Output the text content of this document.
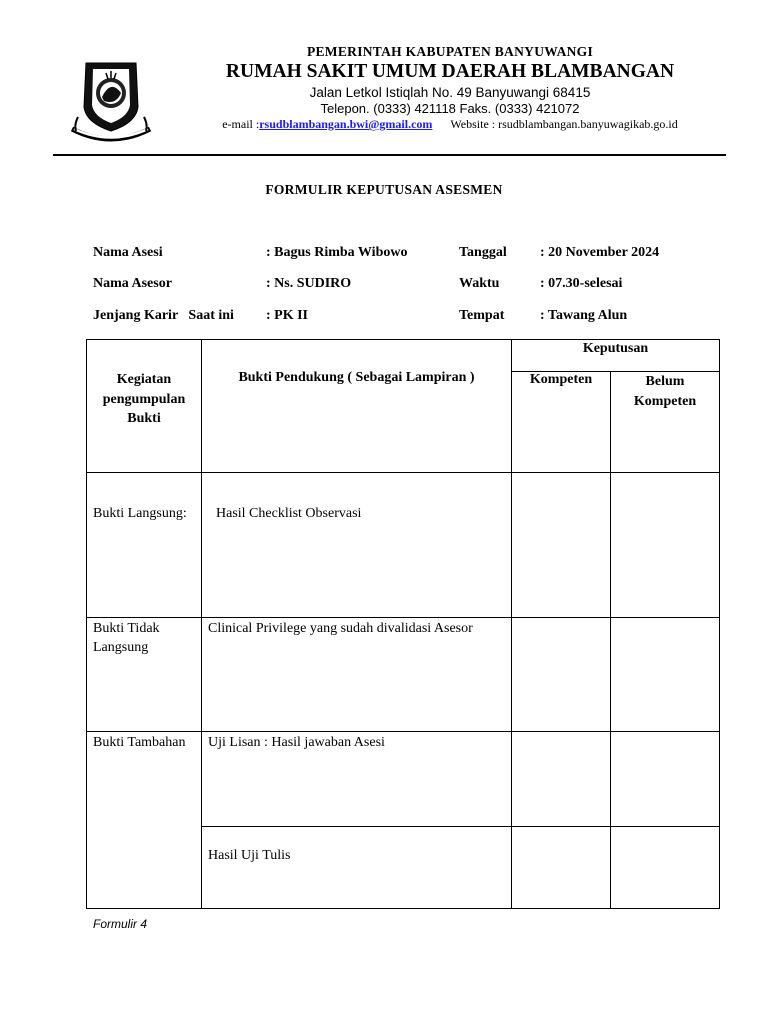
PEMERINTAH KABUPATEN BANYUWANGI
RUMAH SAKIT UMUM DAERAH BLAMBANGAN
Jalan Letkol Istiqlah No. 49 Banyuwangi 68415
Telepon. (0333) 421118 Faks. (0333) 421072
e-mail :rsudblambangan.bwi@gmail.com Website : rsudblambangan.banyuwagikab.go.id
FORMULIR KEPUTUSAN ASESMEN
Nama Asesi	: Bagus Rimba Wibowo	Tanggal : 20 November 2024
Nama Asesor	: Ns. SUDIRO	Waktu	: 07.30-selesai
Jenjang Karir   Saat ini : PK II	Tempat	: Tawang Alun
Kegiatan pengumpulan Bukti	Bukti Pendukung ( Sebagai Lampiran )	Keputusan	

		Kompeten	Belum Kompeten

Bukti Langsung:	Hasil Checklist Observasi		

Bukti Tidak Langsung	Clinical Privilege yang sudah divalidasi Asesor		

Bukti Tambahan	Uji Lisan : Hasil jawaban Asesi		

	Hasil Uji Tulis		

Formulir 4
